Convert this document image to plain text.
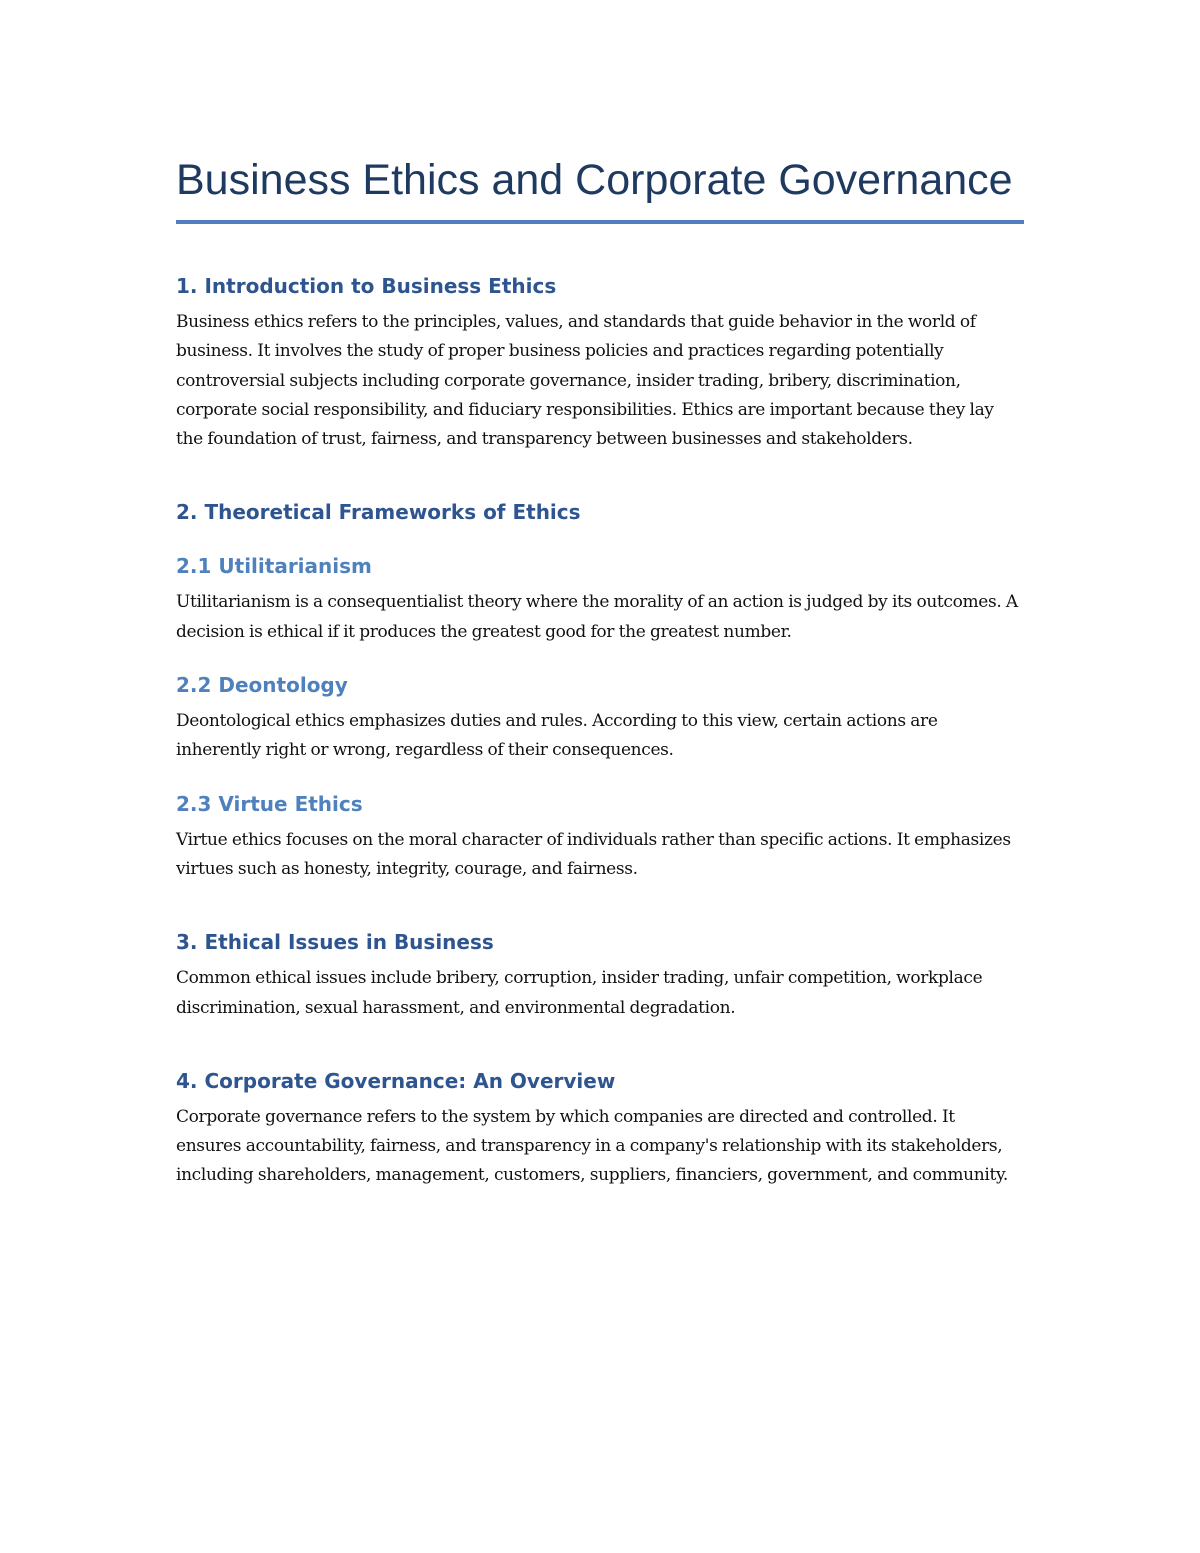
Business Ethics and Corporate Governance
1. Introduction to Business Ethics

Business ethics refers to the principles, values, and standards that guide behavior in the world of business. It involves the study of proper business policies and practices regarding potentially controversial subjects including corporate governance, insider trading, bribery, discrimination, corporate social responsibility, and fiduciary responsibilities. Ethics are important because they lay the foundation of trust, fairness, and transparency between businesses and stakeholders.

2. Theoretical Frameworks of Ethics
2.1 Utilitarianism

Utilitarianism is a consequentialist theory where the morality of an action is judged by its outcomes. A decision is ethical if it produces the greatest good for the greatest number.

2.2 Deontology

Deontological ethics emphasizes duties and rules. According to this view, certain actions are inherently right or wrong, regardless of their consequences.

2.3 Virtue Ethics

Virtue ethics focuses on the moral character of individuals rather than specific actions. It emphasizes virtues such as honesty, integrity, courage, and fairness.

3. Ethical Issues in Business

Common ethical issues include bribery, corruption, insider trading, unfair competition, workplace discrimination, sexual harassment, and environmental degradation.

4. Corporate Governance: An Overview

Corporate governance refers to the system by which companies are directed and controlled. It ensures accountability, fairness, and transparency in a company's relationship with its stakeholders, including shareholders, management, customers, suppliers, financiers, government, and community.
